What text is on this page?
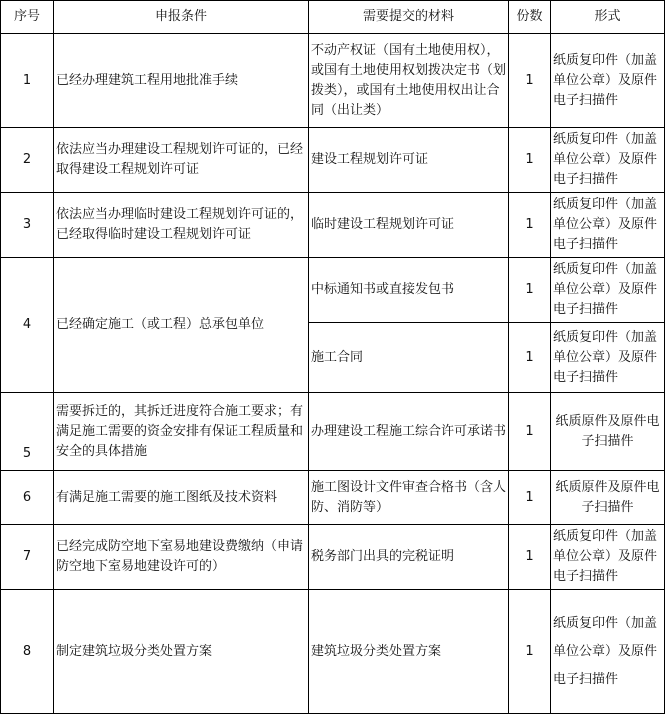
序号	申报条件	需要提交的材料	份数	形式
1	已经办理建筑工程用地批准手续	不动产权证（国有土地使用权），或国有土地使用权划拨决定书（划拨类），或国有土地使用权出让合同（出让类）	1	纸质复印件（加盖单位公章）及原件电子扫描件
2	依法应当办理建设工程规划许可证的，已经取得建设工程规划许可证	建设工程规划许可证	1	纸质复印件（加盖单位公章）及原件电子扫描件
3	依法应当办理临时建设工程规划许可证的，已经取得临时建设工程规划许可证	临时建设工程规划许可证	1	纸质复印件（加盖单位公章）及原件电子扫描件
4	已经确定施工（或工程）总承包单位	中标通知书或直接发包书	1	纸质复印件（加盖单位公章）及原件电子扫描件
		施工合同	1	纸质复印件（加盖单位公章）及原件电子扫描件
5	需要拆迁的，其拆迁进度符合施工要求；有满足施工需要的资金安排有保证工程质量和安全的具体措施	办理建设工程施工综合许可承诺书	1	纸质原件及原件电子扫描件
6	有满足施工需要的施工图纸及技术资料	施工图设计文件审查合格书（含人防、消防等）	1	纸质原件及原件电子扫描件
7	已经完成防空地下室易地建设费缴纳（申请防空地下室易地建设许可的）	税务部门出具的完税证明	1	纸质复印件（加盖单位公章）及原件电子扫描件
8	制定建筑垃圾分类处置方案	建筑垃圾分类处置方案	1	纸质复印件（加盖单位公章）及原件电子扫描件
